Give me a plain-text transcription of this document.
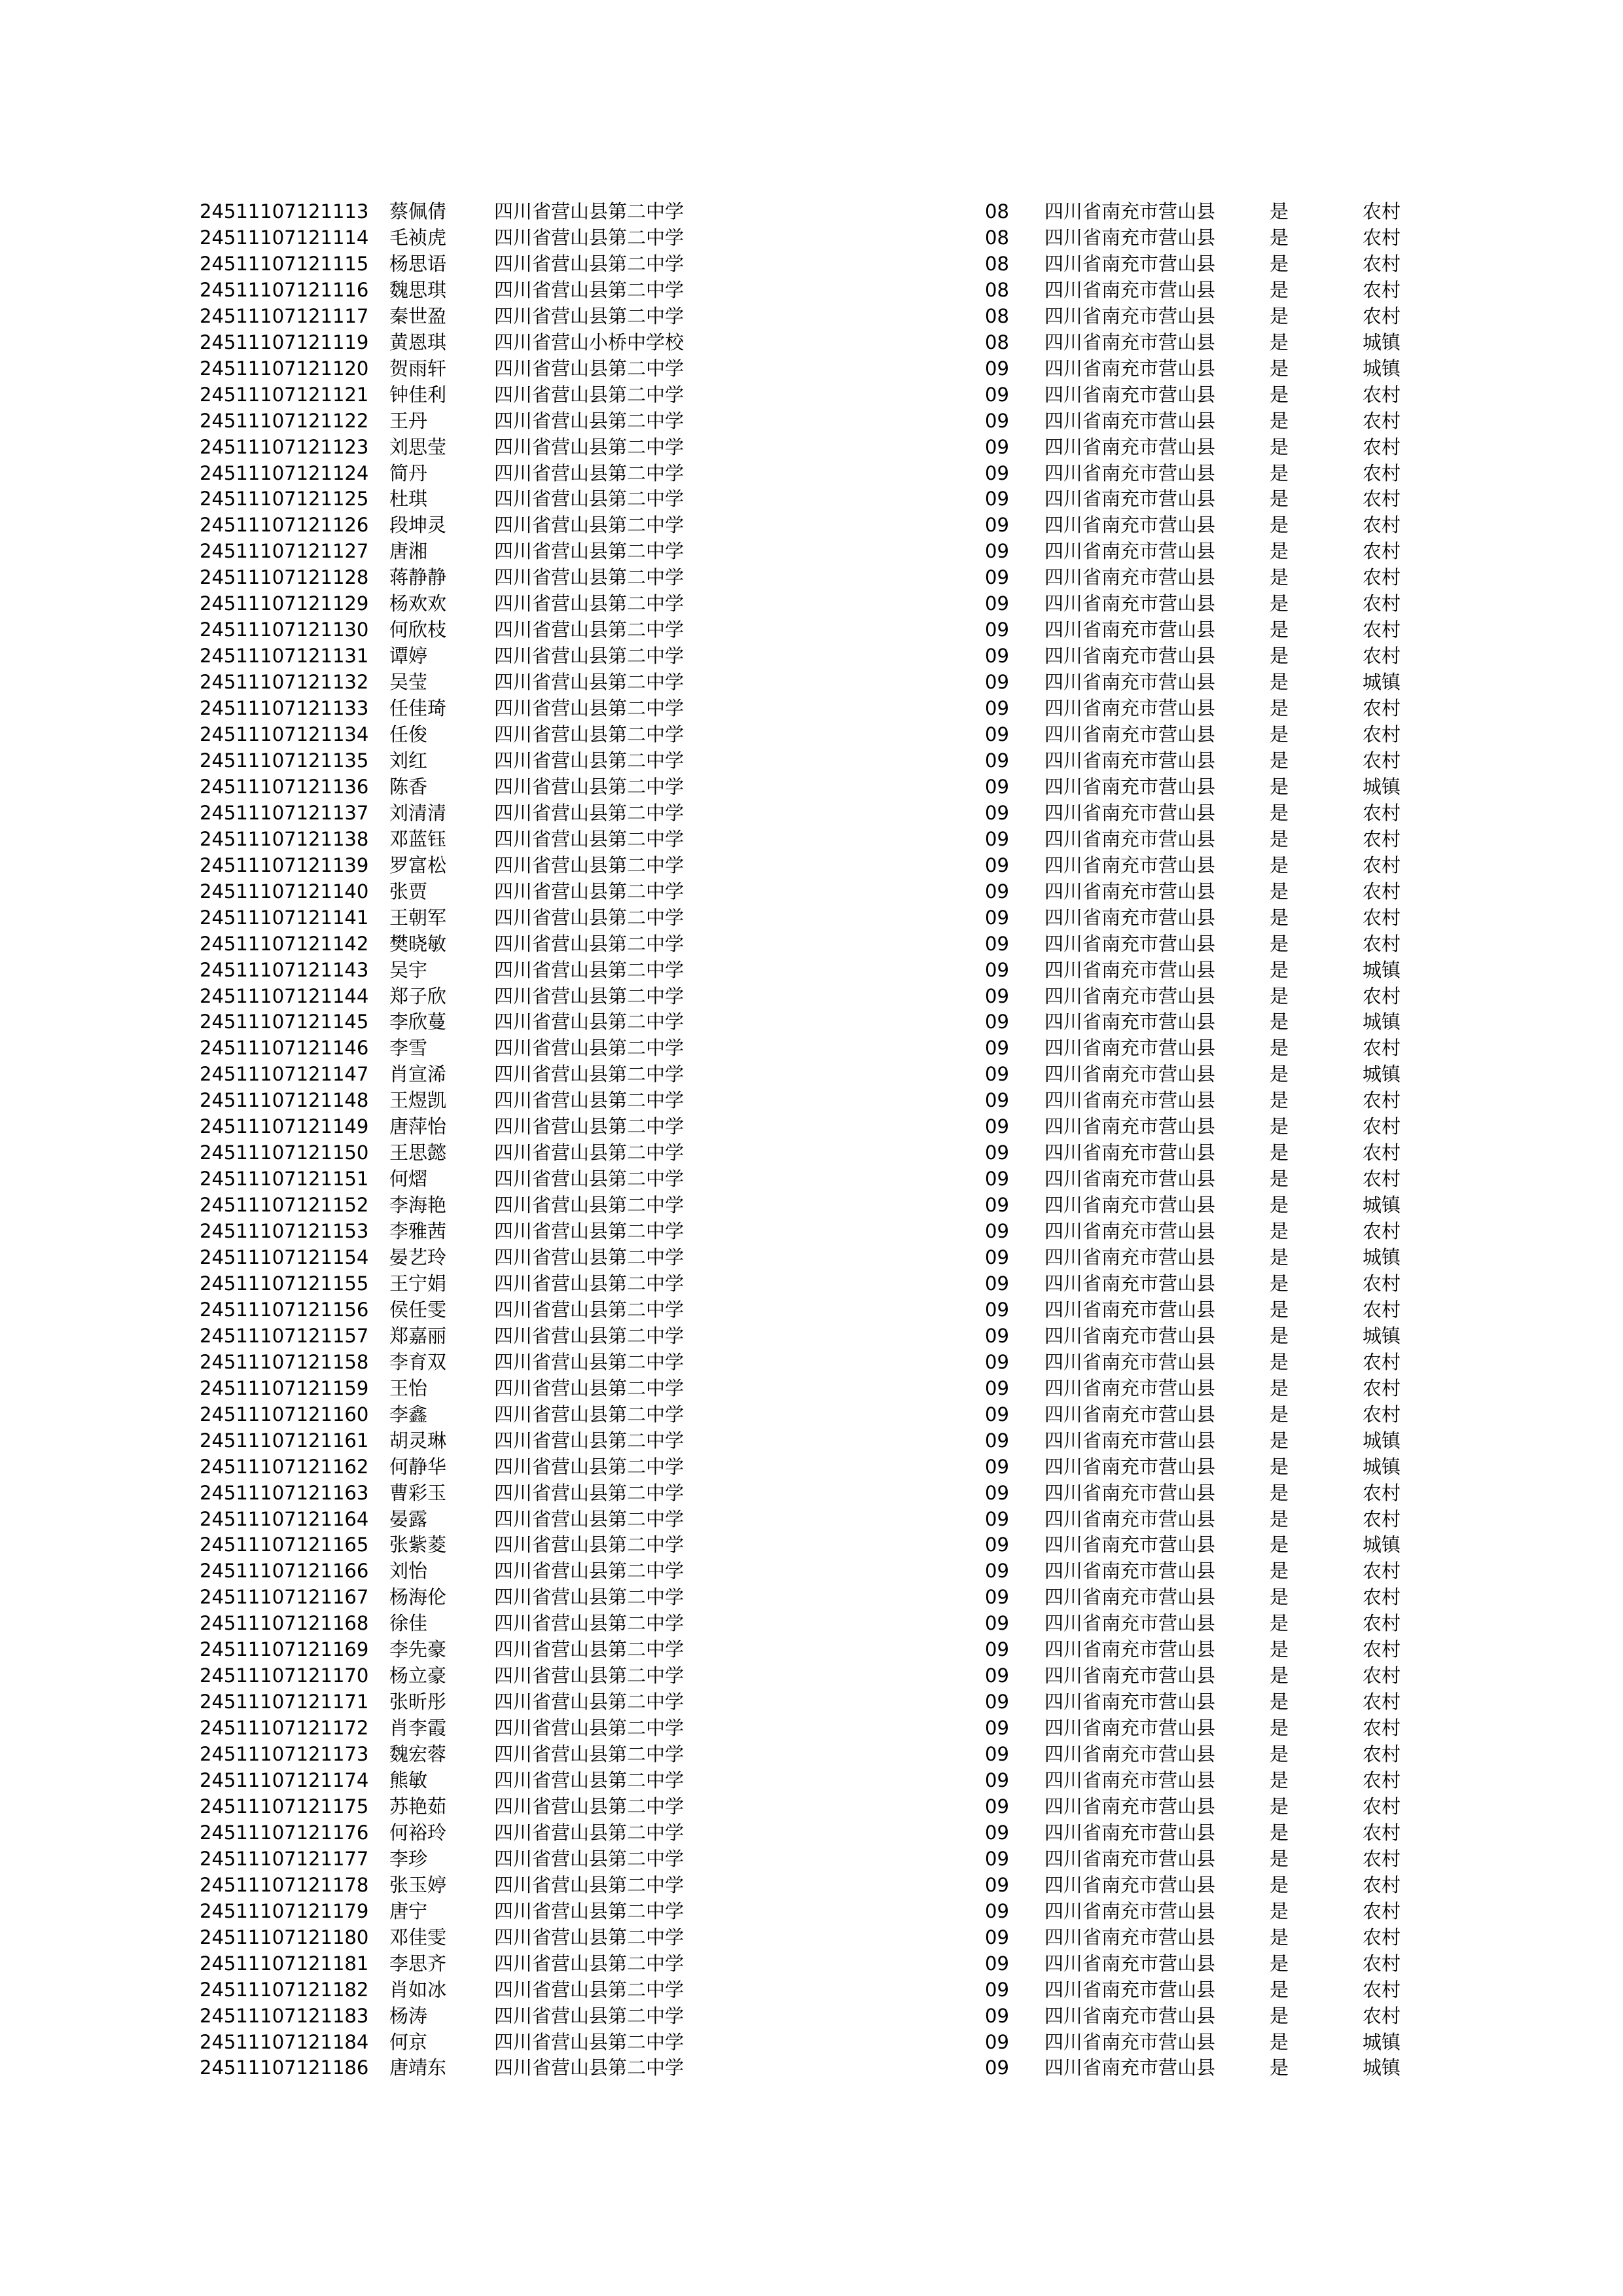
24511107121113 蔡佩倩	四川省营山县第二中学	08 四川省南充市营山县	是	农村
24511107121114 毛祯虎	四川省营山县第二中学	08 四川省南充市营山县	是	农村
24511107121115 杨思语	四川省营山县第二中学	08 四川省南充市营山县	是	农村
24511107121116 魏思琪	四川省营山县第二中学	08 四川省南充市营山县	是	农村
24511107121117 秦世盈	四川省营山县第二中学	08 四川省南充市营山县	是	农村
24511107121119 黄恩琪	四川省营山小桥中学校	08 四川省南充市营山县	是	城镇
24511107121120 贺雨轩	四川省营山县第二中学	09 四川省南充市营山县	是	城镇
24511107121121 钟佳利	四川省营山县第二中学	09 四川省南充市营山县	是	农村
24511107121122 王丹	四川省营山县第二中学	09 四川省南充市营山县	是	农村
24511107121123 刘思莹	四川省营山县第二中学	09 四川省南充市营山县	是	农村
24511107121124 简丹	四川省营山县第二中学	09 四川省南充市营山县	是	农村
24511107121125 杜琪	四川省营山县第二中学	09 四川省南充市营山县	是	农村
24511107121126 段坤灵	四川省营山县第二中学	09 四川省南充市营山县	是	农村
24511107121127 唐湘	四川省营山县第二中学	09 四川省南充市营山县	是	农村
24511107121128 蒋静静	四川省营山县第二中学	09 四川省南充市营山县	是	农村
24511107121129 杨欢欢	四川省营山县第二中学	09 四川省南充市营山县	是	农村
24511107121130 何欣枝	四川省营山县第二中学	09 四川省南充市营山县	是	农村
24511107121131 谭婷	四川省营山县第二中学	09 四川省南充市营山县	是	农村
24511107121132 吴莹	四川省营山县第二中学	09 四川省南充市营山县	是	城镇
24511107121133 任佳琦	四川省营山县第二中学	09 四川省南充市营山县	是	农村
24511107121134 任俊	四川省营山县第二中学	09 四川省南充市营山县	是	农村
24511107121135 刘红	四川省营山县第二中学	09 四川省南充市营山县	是	农村
24511107121136 陈香	四川省营山县第二中学	09 四川省南充市营山县	是	城镇
24511107121137 刘清清	四川省营山县第二中学	09 四川省南充市营山县	是	农村
24511107121138 邓蓝钰	四川省营山县第二中学	09 四川省南充市营山县	是	农村
24511107121139 罗富松	四川省营山县第二中学	09 四川省南充市营山县	是	农村
24511107121140 张贾	四川省营山县第二中学	09 四川省南充市营山县	是	农村
24511107121141 王朝军	四川省营山县第二中学	09 四川省南充市营山县	是	农村
24511107121142 樊晓敏	四川省营山县第二中学	09 四川省南充市营山县	是	农村
24511107121143 吴宇	四川省营山县第二中学	09 四川省南充市营山县	是	城镇
24511107121144 郑子欣	四川省营山县第二中学	09 四川省南充市营山县	是	农村
24511107121145 李欣蔓	四川省营山县第二中学	09 四川省南充市营山县	是	城镇
24511107121146 李雪	四川省营山县第二中学	09 四川省南充市营山县	是	农村
24511107121147 肖宣浠	四川省营山县第二中学	09 四川省南充市营山县	是	城镇
24511107121148 王煜凯	四川省营山县第二中学	09 四川省南充市营山县	是	农村
24511107121149 唐萍怡	四川省营山县第二中学	09 四川省南充市营山县	是	农村
24511107121150 王思懿	四川省营山县第二中学	09 四川省南充市营山县	是	农村
24511107121151 何熠	四川省营山县第二中学	09 四川省南充市营山县	是	农村
24511107121152 李海艳	四川省营山县第二中学	09 四川省南充市营山县	是	城镇
24511107121153 李雅茜	四川省营山县第二中学	09 四川省南充市营山县	是	农村
24511107121154 晏艺玲	四川省营山县第二中学	09 四川省南充市营山县	是	城镇
24511107121155 王宁娟	四川省营山县第二中学	09 四川省南充市营山县	是	农村
24511107121156 侯任雯	四川省营山县第二中学	09 四川省南充市营山县	是	农村
24511107121157 郑嘉丽	四川省营山县第二中学	09 四川省南充市营山县	是	城镇
24511107121158 李育双	四川省营山县第二中学	09 四川省南充市营山县	是	农村
24511107121159 王怡	四川省营山县第二中学	09 四川省南充市营山县	是	农村
24511107121160 李鑫	四川省营山县第二中学	09 四川省南充市营山县	是	农村
24511107121161 胡灵琳	四川省营山县第二中学	09 四川省南充市营山县	是	城镇
24511107121162 何静华	四川省营山县第二中学	09 四川省南充市营山县	是	城镇
24511107121163 曹彩玉	四川省营山县第二中学	09 四川省南充市营山县	是	农村
24511107121164 晏露	四川省营山县第二中学	09 四川省南充市营山县	是	农村
24511107121165 张紫菱	四川省营山县第二中学	09 四川省南充市营山县	是	城镇
24511107121166 刘怡	四川省营山县第二中学	09 四川省南充市营山县	是	农村
24511107121167 杨海伦	四川省营山县第二中学	09 四川省南充市营山县	是	农村
24511107121168 徐佳	四川省营山县第二中学	09 四川省南充市营山县	是	农村
24511107121169 李先豪	四川省营山县第二中学	09 四川省南充市营山县	是	农村
24511107121170 杨立豪	四川省营山县第二中学	09 四川省南充市营山县	是	农村
24511107121171 张昕彤	四川省营山县第二中学	09 四川省南充市营山县	是	农村
24511107121172 肖李霞	四川省营山县第二中学	09 四川省南充市营山县	是	农村
24511107121173 魏宏蓉	四川省营山县第二中学	09 四川省南充市营山县	是	农村
24511107121174 熊敏	四川省营山县第二中学	09 四川省南充市营山县	是	农村
24511107121175 苏艳茹	四川省营山县第二中学	09 四川省南充市营山县	是	农村
24511107121176 何裕玲	四川省营山县第二中学	09 四川省南充市营山县	是	农村
24511107121177 李珍	四川省营山县第二中学	09 四川省南充市营山县	是	农村
24511107121178 张玉婷	四川省营山县第二中学	09 四川省南充市营山县	是	农村
24511107121179 唐宁	四川省营山县第二中学	09 四川省南充市营山县	是	农村
24511107121180 邓佳雯	四川省营山县第二中学	09 四川省南充市营山县	是	农村
24511107121181 李思齐	四川省营山县第二中学	09 四川省南充市营山县	是	农村
24511107121182 肖如冰	四川省营山县第二中学	09 四川省南充市营山县	是	农村
24511107121183 杨涛	四川省营山县第二中学	09 四川省南充市营山县	是	农村
24511107121184 何京	四川省营山县第二中学	09 四川省南充市营山县	是	城镇
24511107121186 唐靖东	四川省营山县第二中学	09 四川省南充市营山县	是	城镇
